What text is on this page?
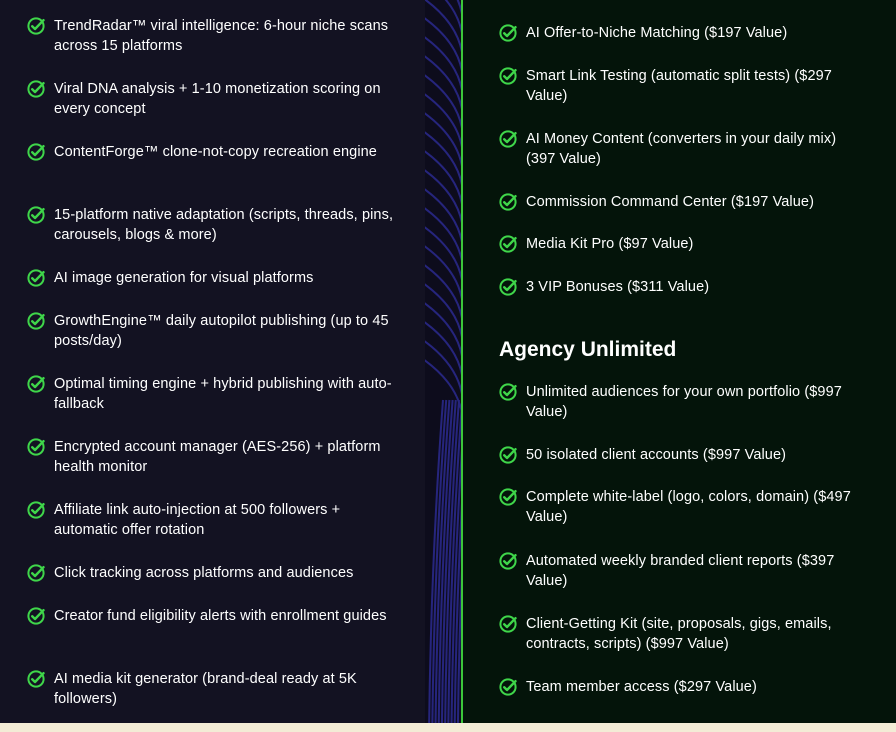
TrendRadar™ viral intelligence: 6-hour niche scans across 15 platforms
Viral DNA analysis + 1-10 monetization scoring on every concept
ContentForge™ clone-not-copy recreation engine
15-platform native adaptation (scripts, threads, pins, carousels, blogs & more)
AI image generation for visual platforms
GrowthEngine™ daily autopilot publishing (up to 45 posts/day)
Optimal timing engine + hybrid publishing with auto-fallback
Encrypted account manager (AES-256) + platform health monitor
Affiliate link auto-injection at 500 followers + automatic offer rotation
Click tracking across platforms and audiences
Creator fund eligibility alerts with enrollment guides
AI media kit generator (brand-deal ready at 5K followers)
AI Offer-to-Niche Matching ($197 Value)
Smart Link Testing (automatic split tests) ($297 Value)
AI Money Content (converters in your daily mix) (397 Value)
Commission Command Center ($197 Value)
Media Kit Pro ($97 Value)
3 VIP Bonuses ($311 Value)
Unlimited audiences for your own portfolio ($997 Value)
50 isolated client accounts ($997 Value)
Complete white-label (logo, colors, domain) ($497 Value)
Automated weekly branded client reports ($397 Value)
Client-Getting Kit (site, proposals, gigs, emails, contracts, scripts) ($997 Value)
Team member access ($297 Value)
Agency Unlimited
